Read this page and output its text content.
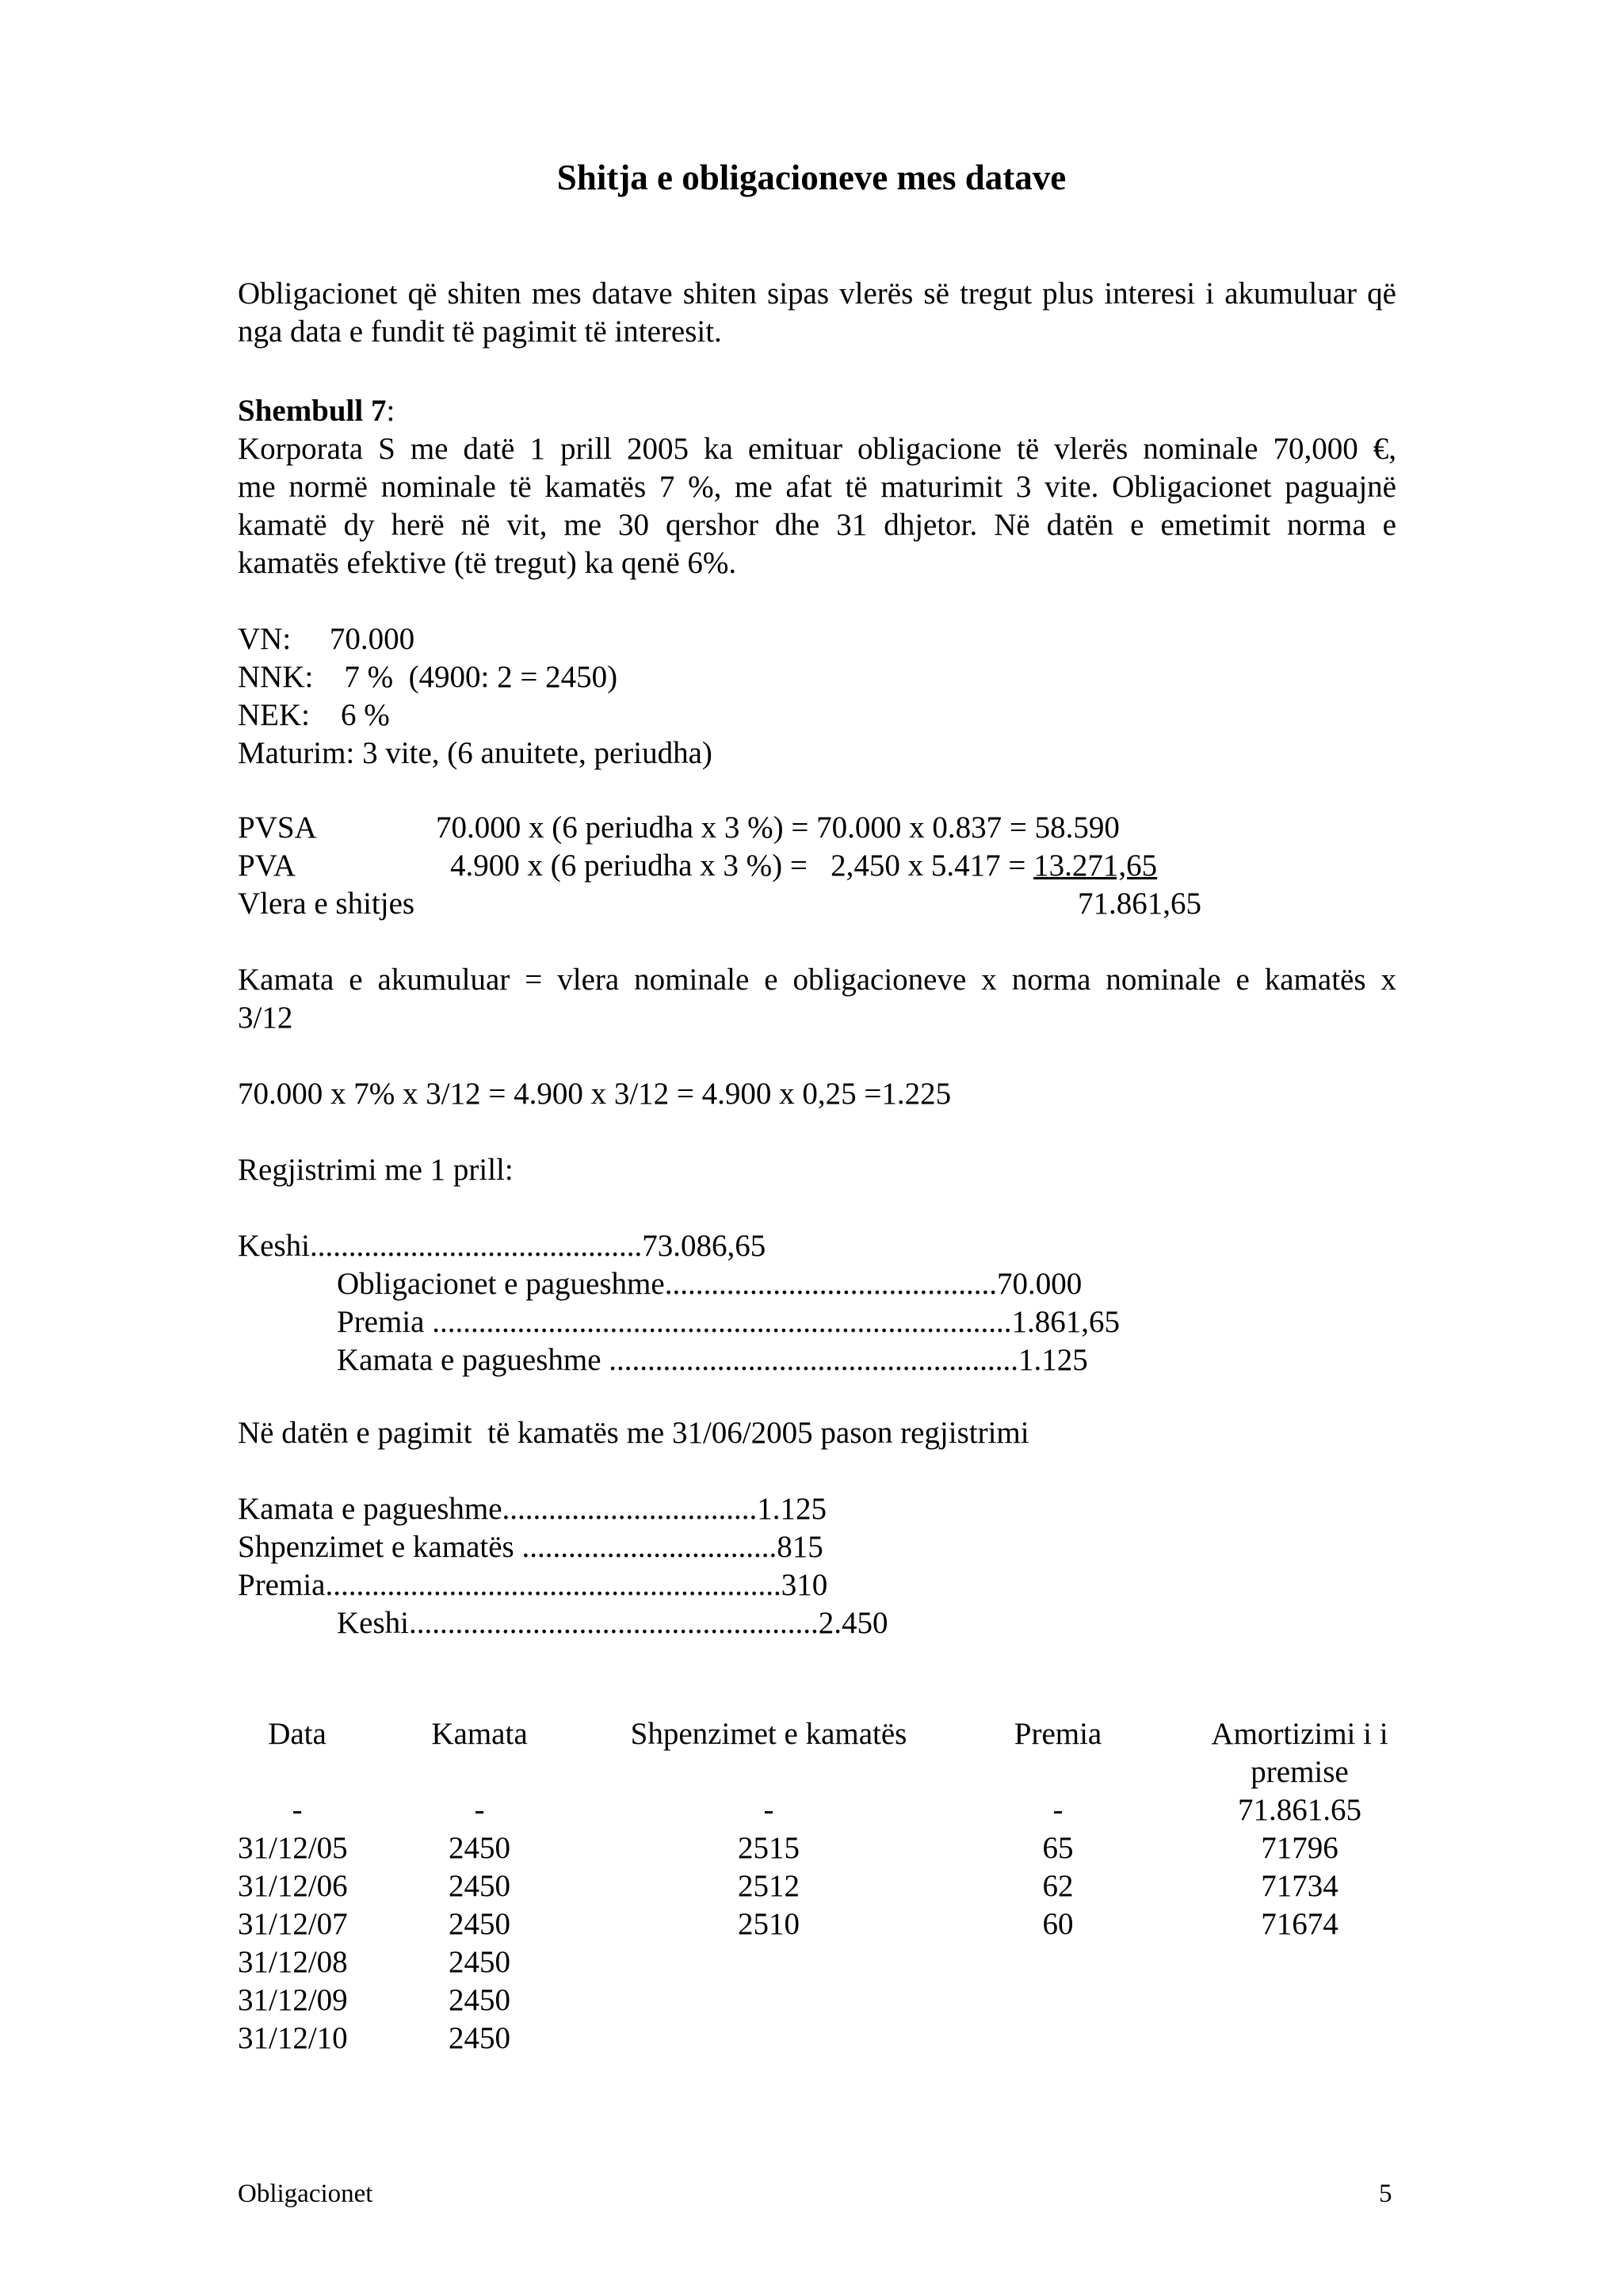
Shitja e obligacioneve mes datave
Obligacionet që shiten mes datave shiten sipas vlerës së tregut plus interesi i akumuluar që nga data e fundit të pagimit të interesit.
Shembull 7:
Korporata S me datë 1 prill 2005 ka emituar obligacione të vlerës nominale 70,000 €,
me normë nominale të kamatës 7 %, me afat të maturimit 3 vite. Obligacionet paguajnë
kamatë dy herë në vit, me 30 qershor dhe 31 dhjetor. Në datën e emetimit norma e
kamatës efektive (të tregut) ka qenë 6%.
VN:     70.000
NNK:    7 %  (4900: 2 = 2450)
NEK:    6 %
Maturim: 3 vite, (6 anuitete, periudha)
PVSA	70.000 x (6 periudha x 3 %) = 70.000 x 0.837 = 58.590
PVA	4.900 x (6 periudha x 3 %) =   2,450 x 5.417 = 13.271,65
Vlera e shitjes	71.861,65
Kamata e akumuluar = vlera nominale e obligacioneve x norma nominale e kamatës x
3/12
70.000 x 7% x 3/12 = 4.900 x 3/12 = 4.900 x 0,25 =1.225
Regjistrimi me 1 prill:
Keshi...........................................73.086,65
Obligacionet e pagueshme...........................................70.000
Premia ...........................................................................1.861,65
Kamata e pagueshme .....................................................1.125
Në datën e pagimit  të kamatës me 31/06/2005 pason regjistrimi
Kamata e pagueshme.................................1.125
Shpenzimet e kamatës .................................815
Premia...........................................................310
Keshi.....................................................2.450
Data	Kamata	Shpenzimet e kamatës	Premia	Amortizimi i i
premise
-	-	-	-	71.861.65
31/12/05	2450	2515	65	71796
31/12/06	2450	2512	62	71734
31/12/07	2450	2510	60	71674
31/12/08	2450
31/12/09	2450
31/12/10	2450
Obligacionet	5
